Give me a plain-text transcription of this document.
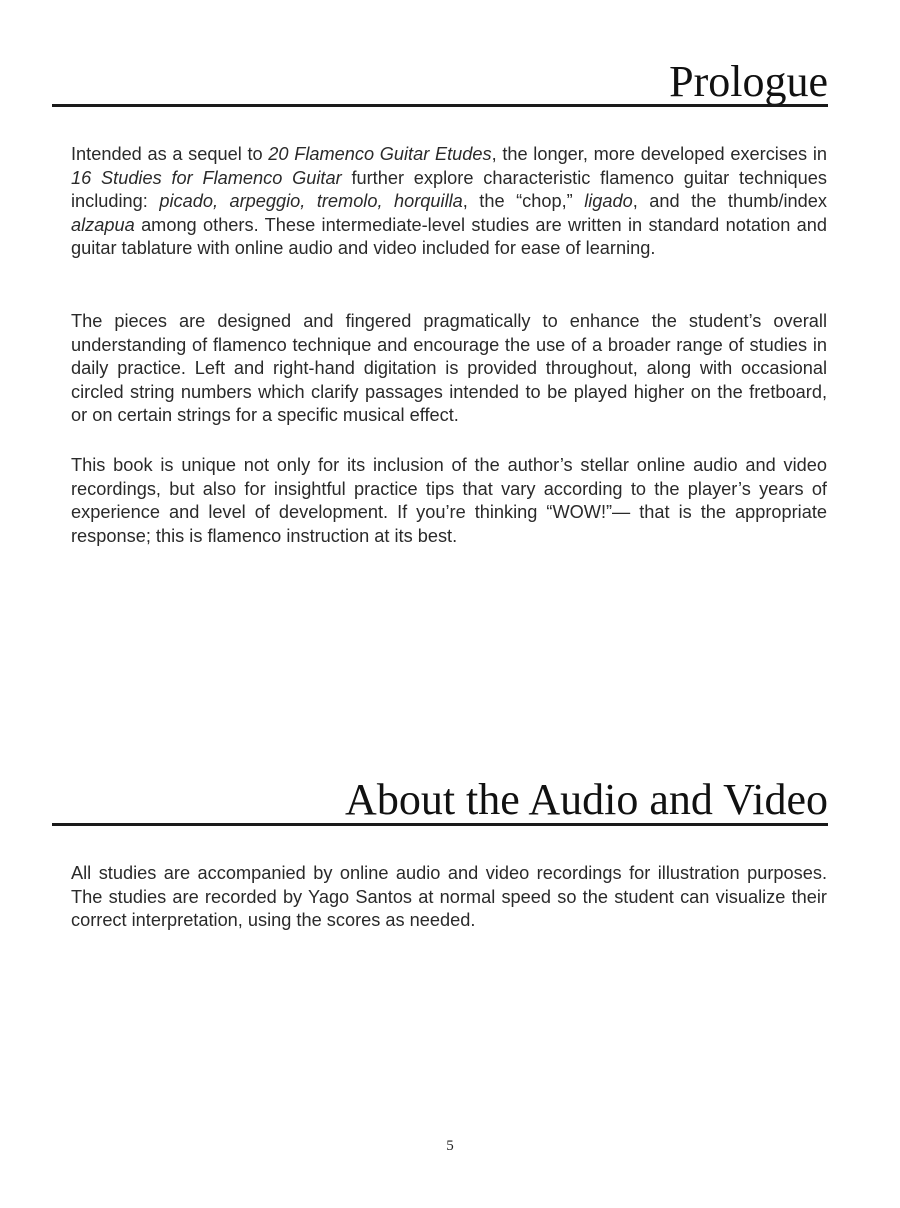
Prologue

Intended as a sequel to 20 Flamenco Guitar Etudes, the longer, more developed exercises in 16 Studies for Flamenco Guitar further explore characteristic flamenco guitar techniques including: picado, arpeggio, tremolo, horquilla, the “chop,” ligado, and the thumb/index alzapua among others. These intermediate-level studies are written in standard notation and guitar tablature with online audio and video included for ease of learning.

The pieces are designed and fingered pragmatically to enhance the student’s overall understanding of flamenco technique and encourage the use of a broader range of studies in daily practice. Left and right-hand digitation is provided throughout, along with occasional circled string numbers which clarify passages intended to be played higher on the fretboard, or on certain strings for a specific musical effect.

This book is unique not only for its inclusion of the author’s stellar online audio and video recordings, but also for insightful practice tips that vary according to the player’s years of experience and level of development. If you’re thinking “WOW!”— that is the appropriate response; this is flamenco instruction at its best.

About the Audio and Video

All studies are accompanied by online audio and video recordings for illustration purposes. The studies are recorded by Yago Santos at normal speed so the student can visualize their correct interpretation, using the scores as needed.

5
